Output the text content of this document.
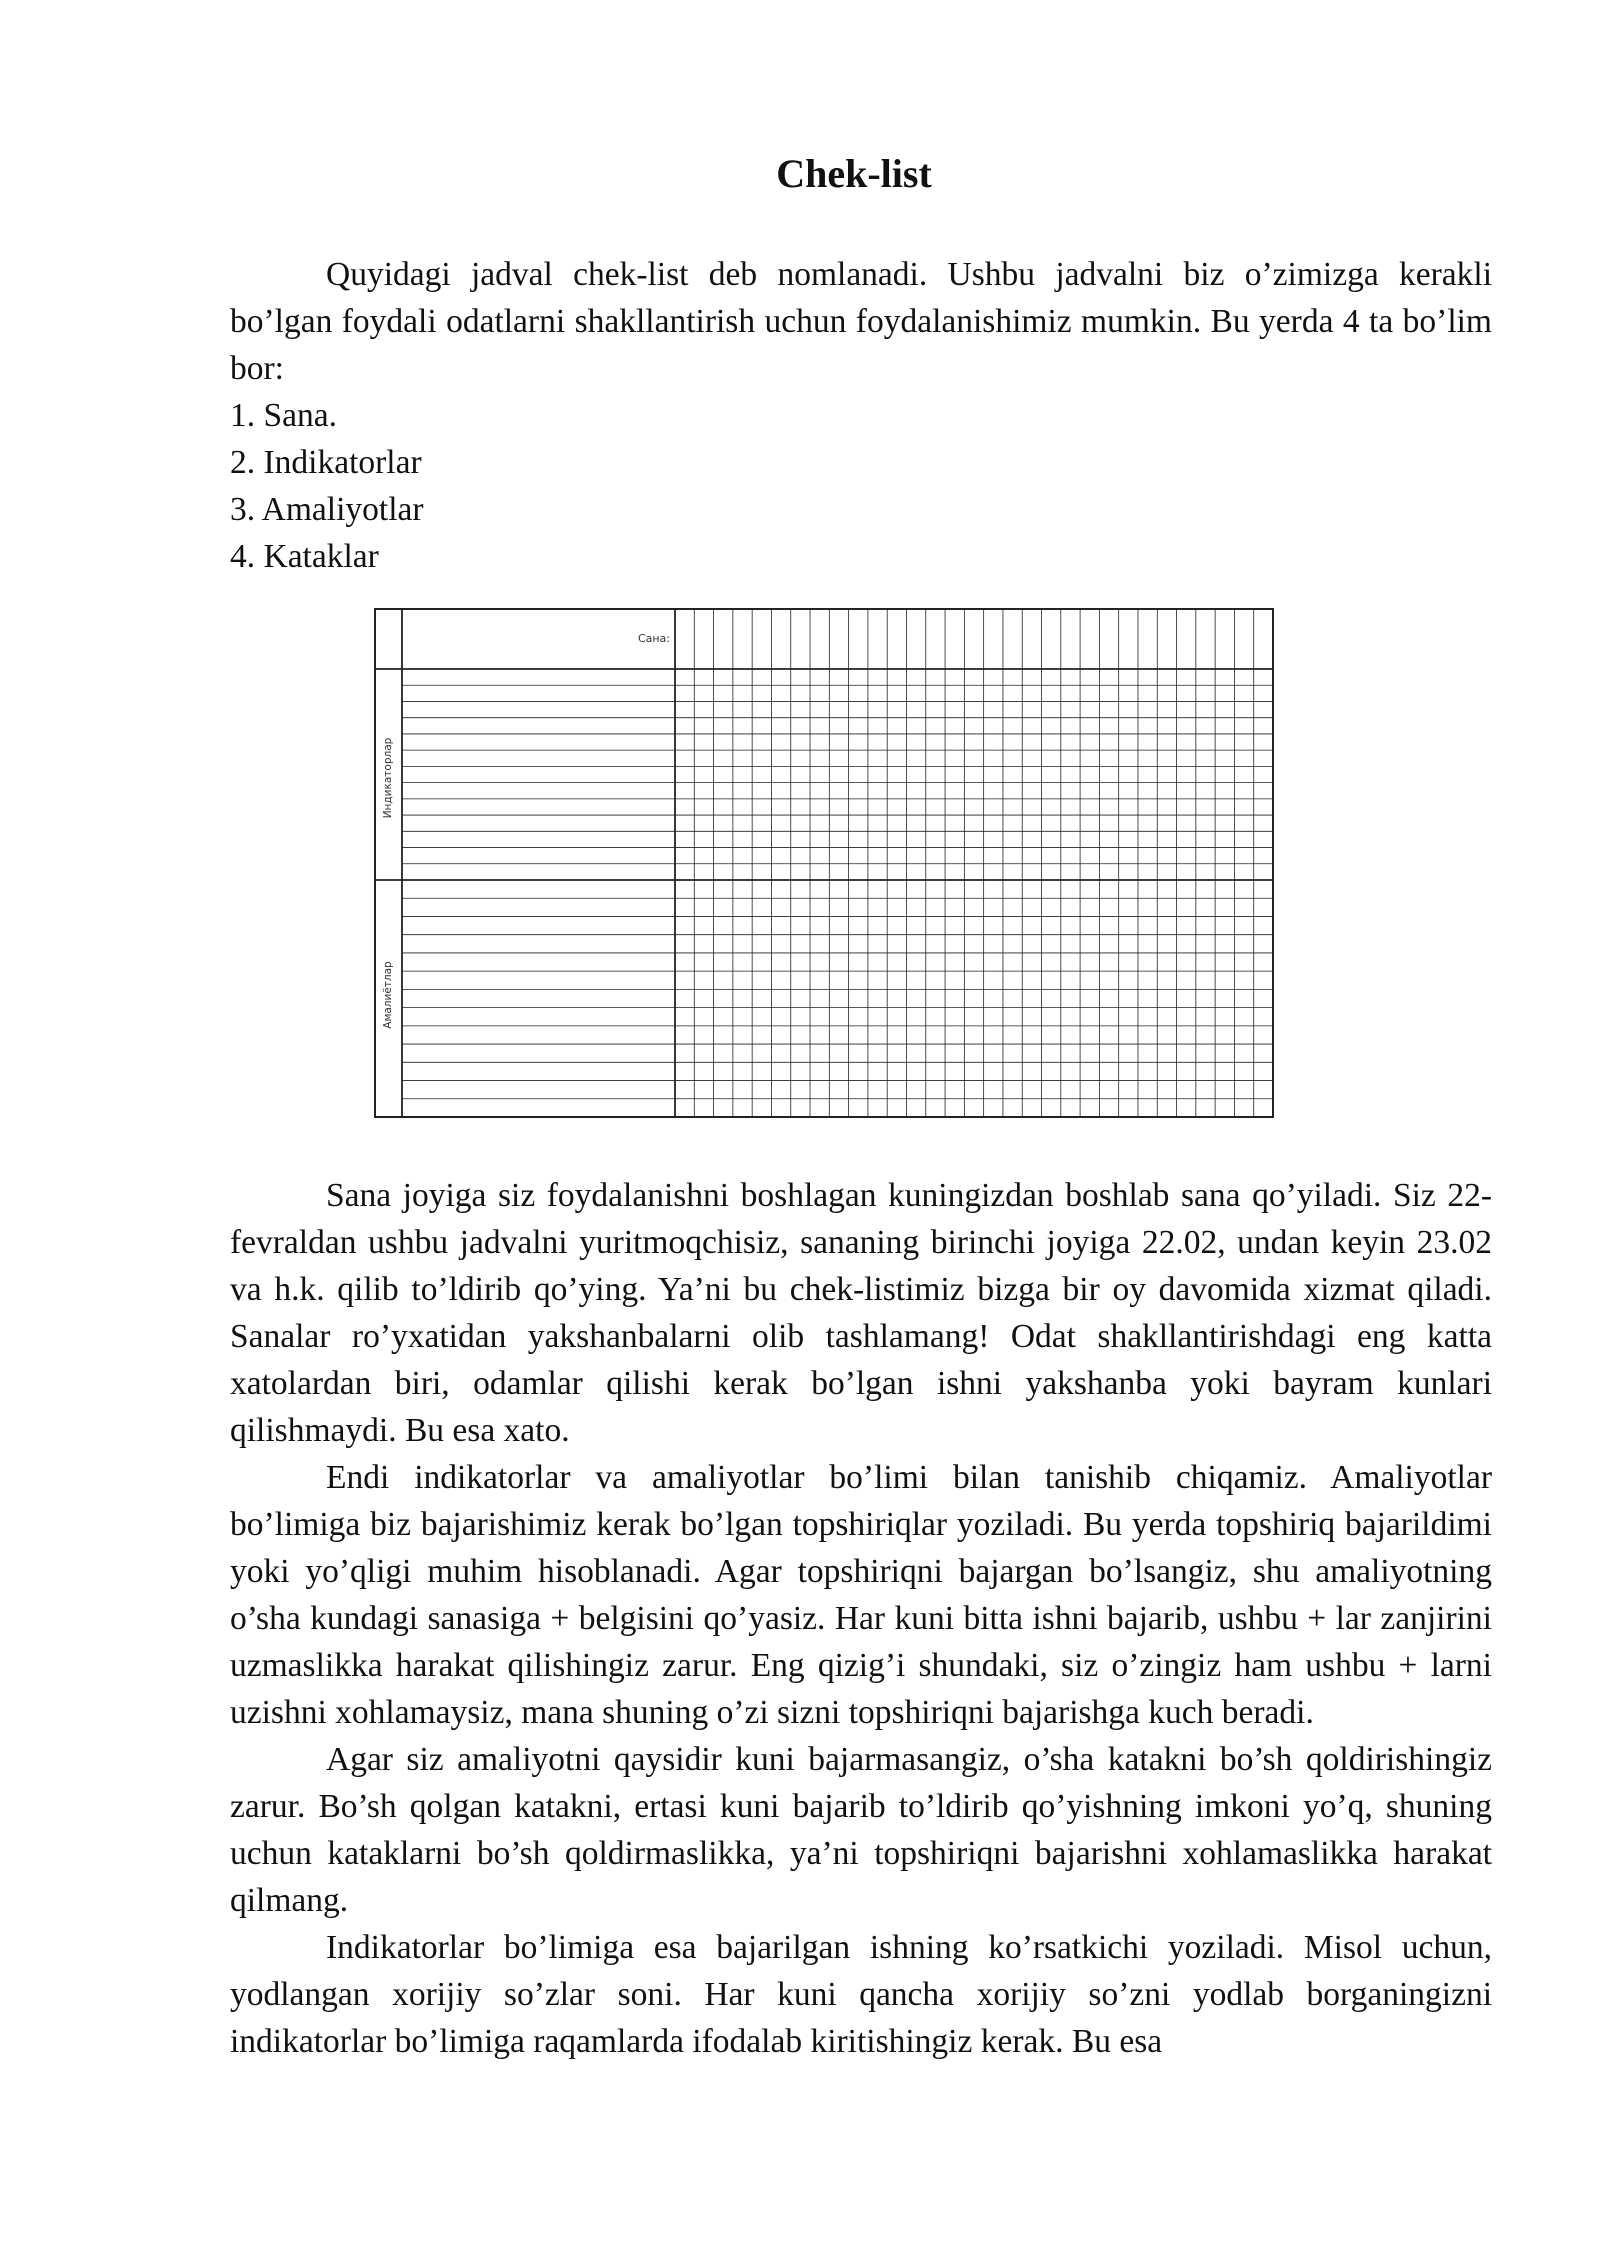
Chek-list

Quyidagi jadval chek-list deb nomlanadi. Ushbu jadvalni biz o’zimizga kerakli bo’lgan foydali odatlarni shakllantirish uchun foydalanishimiz mumkin. Bu yerda 4 ta bo’lim bor:

1. Sana.

2. Indikatorlar

3. Amaliyotlar

4. Kataklar

Сана:
Индикаторлар
Амалиётлар

Sana joyiga siz foydalanishni boshlagan kuningizdan boshlab sana qo’yiladi. Siz 22-fevraldan ushbu jadvalni yuritmoqchisiz, sananing birinchi joyiga 22.02, undan keyin 23.02 va h.k. qilib to’ldirib qo’ying. Ya’ni bu chek-listimiz bizga bir oy davomida xizmat qiladi. Sanalar ro’yxatidan yakshanbalarni olib tashlamang! Odat shakllantirishdagi eng katta xatolardan biri, odamlar qilishi kerak bo’lgan ishni yakshanba yoki bayram kunlari qilishmaydi. Bu esa xato.

Endi indikatorlar va amaliyotlar bo’limi bilan tanishib chiqamiz. Amaliyotlar bo’limiga biz bajarishimiz kerak bo’lgan topshiriqlar yoziladi. Bu yerda topshiriq bajarildimi yoki yo’qligi muhim hisoblanadi. Agar topshiriqni bajargan bo’lsangiz, shu amaliyotning o’sha kundagi sanasiga + belgisini qo’yasiz. Har kuni bitta ishni bajarib, ushbu + lar zanjirini uzmaslikka harakat qilishingiz zarur. Eng qizig’i shundaki, siz o’zingiz ham ushbu + larni uzishni xohlamaysiz, mana shuning o’zi sizni topshiriqni bajarishga kuch beradi.

Agar siz amaliyotni qaysidir kuni bajarmasangiz, o’sha katakni bo’sh qoldirishingiz zarur. Bo’sh qolgan katakni, ertasi kuni bajarib to’ldirib qo’yishning imkoni yo’q, shuning uchun kataklarni bo’sh qoldirmaslikka, ya’ni topshiriqni bajarishni xohlamaslikka harakat qilmang.

Indikatorlar bo’limiga esa bajarilgan ishning ko’rsatkichi yoziladi. Misol uchun, yodlangan xorijiy so’zlar soni. Har kuni qancha xorijiy so’zni yodlab borganingizni indikatorlar bo’limiga raqamlarda ifodalab kiritishingiz kerak. Bu esa
